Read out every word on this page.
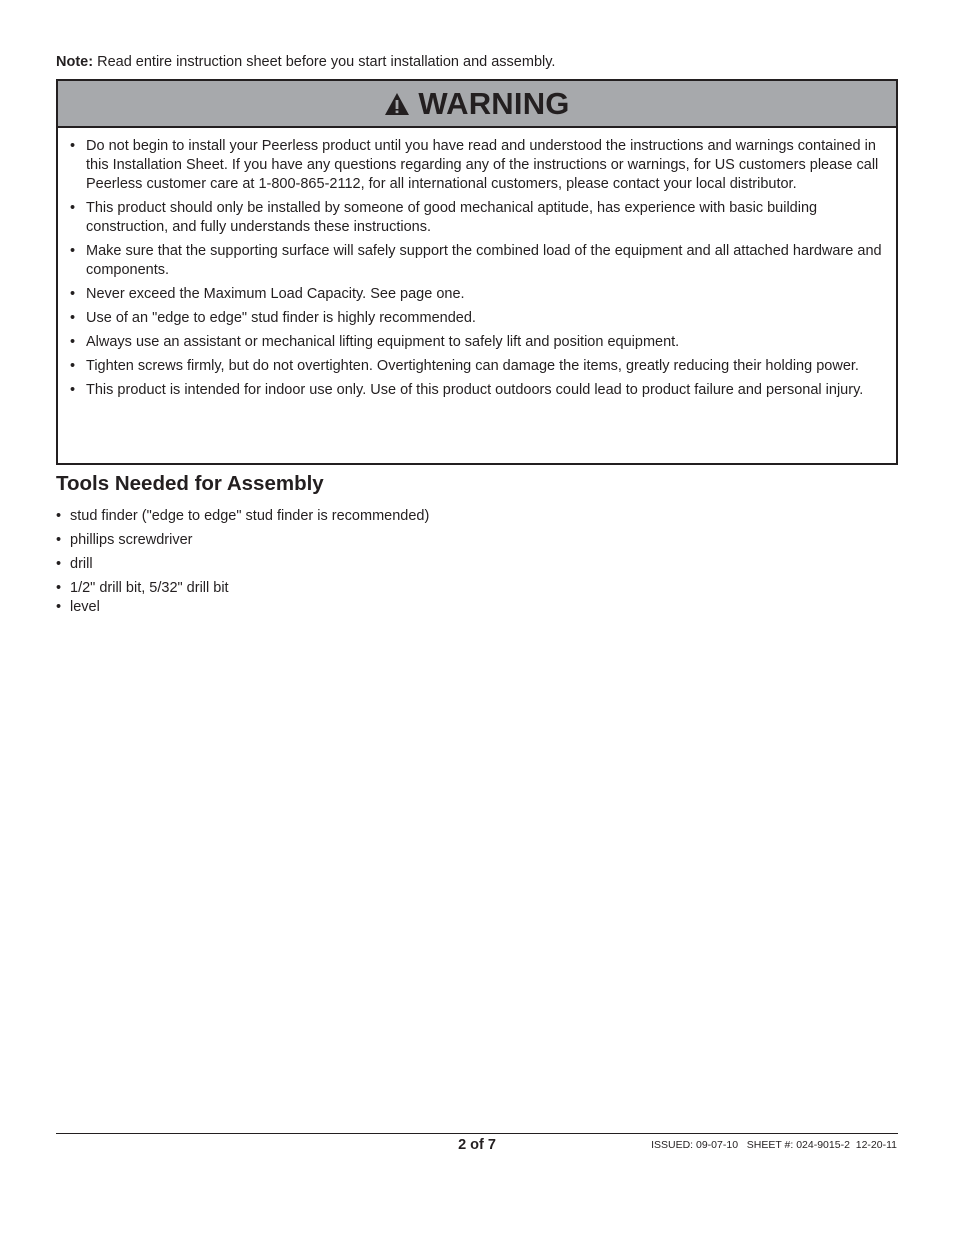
Note: Read entire instruction sheet before you start installation and assembly.
WARNING
• Do not begin to install your Peerless product until you have read and understood the instructions and warnings contained in this Installation Sheet. If you have any questions regarding any of the instructions or warnings, for US customers please call Peerless customer care at 1-800-865-2112, for all international customers, please contact your local distributor.
• This product should only be installed by someone of good mechanical aptitude, has experience with basic building construction, and fully understands these instructions.
• Make sure that the supporting surface will safely support the combined load of the equipment and all attached hardware and components.
• Never exceed the Maximum Load Capacity. See page one.
• Use of an "edge to edge" stud finder is highly recommended.
• Always use an assistant or mechanical lifting equipment to safely lift and position equipment.
• Tighten screws firmly, but do not overtighten. Overtightening can damage the items, greatly reducing their holding power.
• This product is intended for indoor use only. Use of this product outdoors could lead to product failure and personal injury.
Tools Needed for Assembly
• stud finder ("edge to edge" stud finder is recommended)
• phillips screwdriver
• drill
• 1/2" drill bit, 5/32" drill bit
• level
2 of 7	ISSUED: 09-07-10   SHEET #: 024-9015-2  12-20-11
